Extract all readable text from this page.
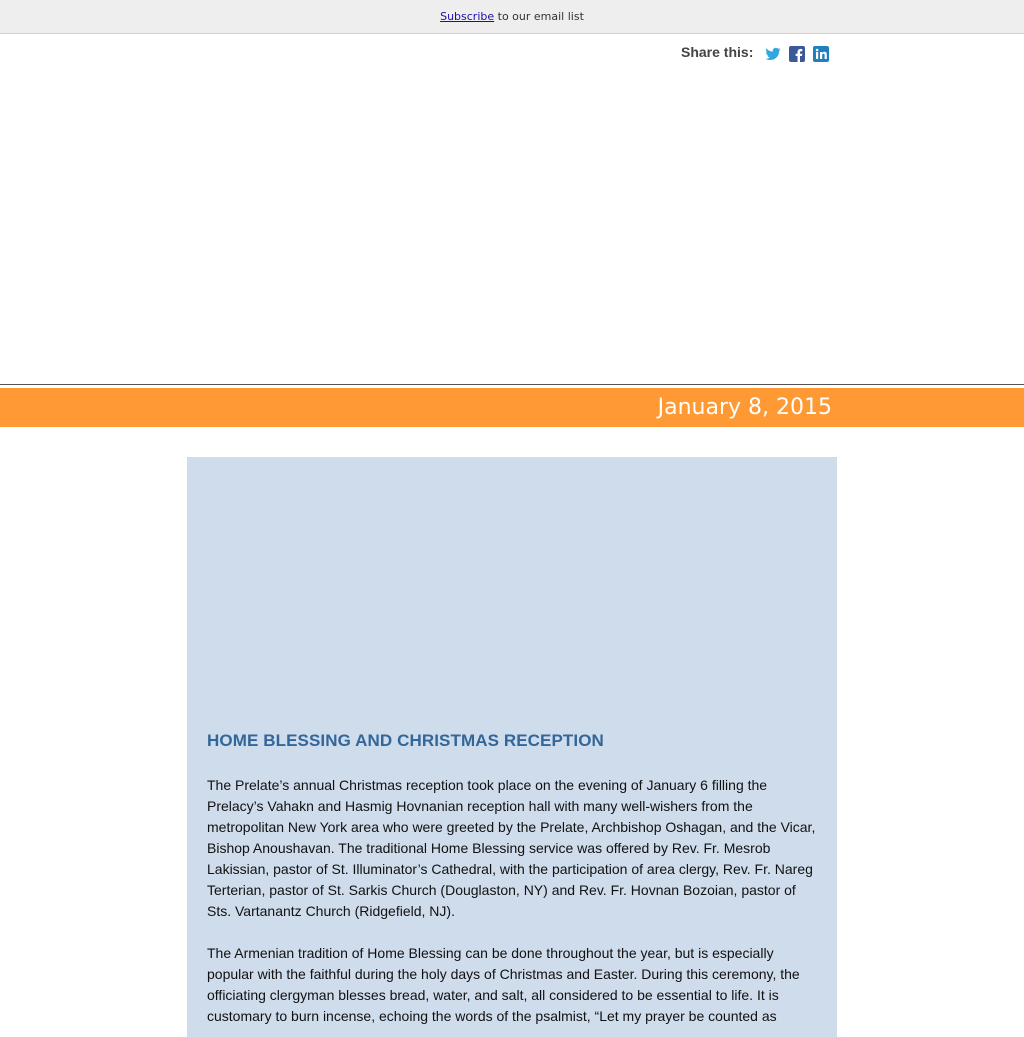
Subscribe to our email list
Share this:
January 8, 2015
HOME BLESSING AND CHRISTMAS RECEPTION

The Prelate’s annual Christmas reception took place on the evening of January 6 filling the Prelacy’s Vahakn and Hasmig Hovnanian reception hall with many well-wishers from the metropolitan New York area who were greeted by the Prelate, Archbishop Oshagan, and the Vicar, Bishop Anoushavan. The traditional Home Blessing service was offered by Rev. Fr. Mesrob Lakissian, pastor of St. Illuminator’s Cathedral, with the participation of area clergy, Rev. Fr. Nareg Terterian, pastor of St. Sarkis Church (Douglaston, NY) and Rev. Fr. Hovnan Bozoian, pastor of Sts. Vartanantz Church (Ridgefield, NJ).

The Armenian tradition of Home Blessing can be done throughout the year, but is especially popular with the faithful during the holy days of Christmas and Easter. During this ceremony, the officiating clergyman blesses bread, water, and salt, all considered to be essential to life. It is customary to burn incense, echoing the words of the psalmist, “Let my prayer be counted as
